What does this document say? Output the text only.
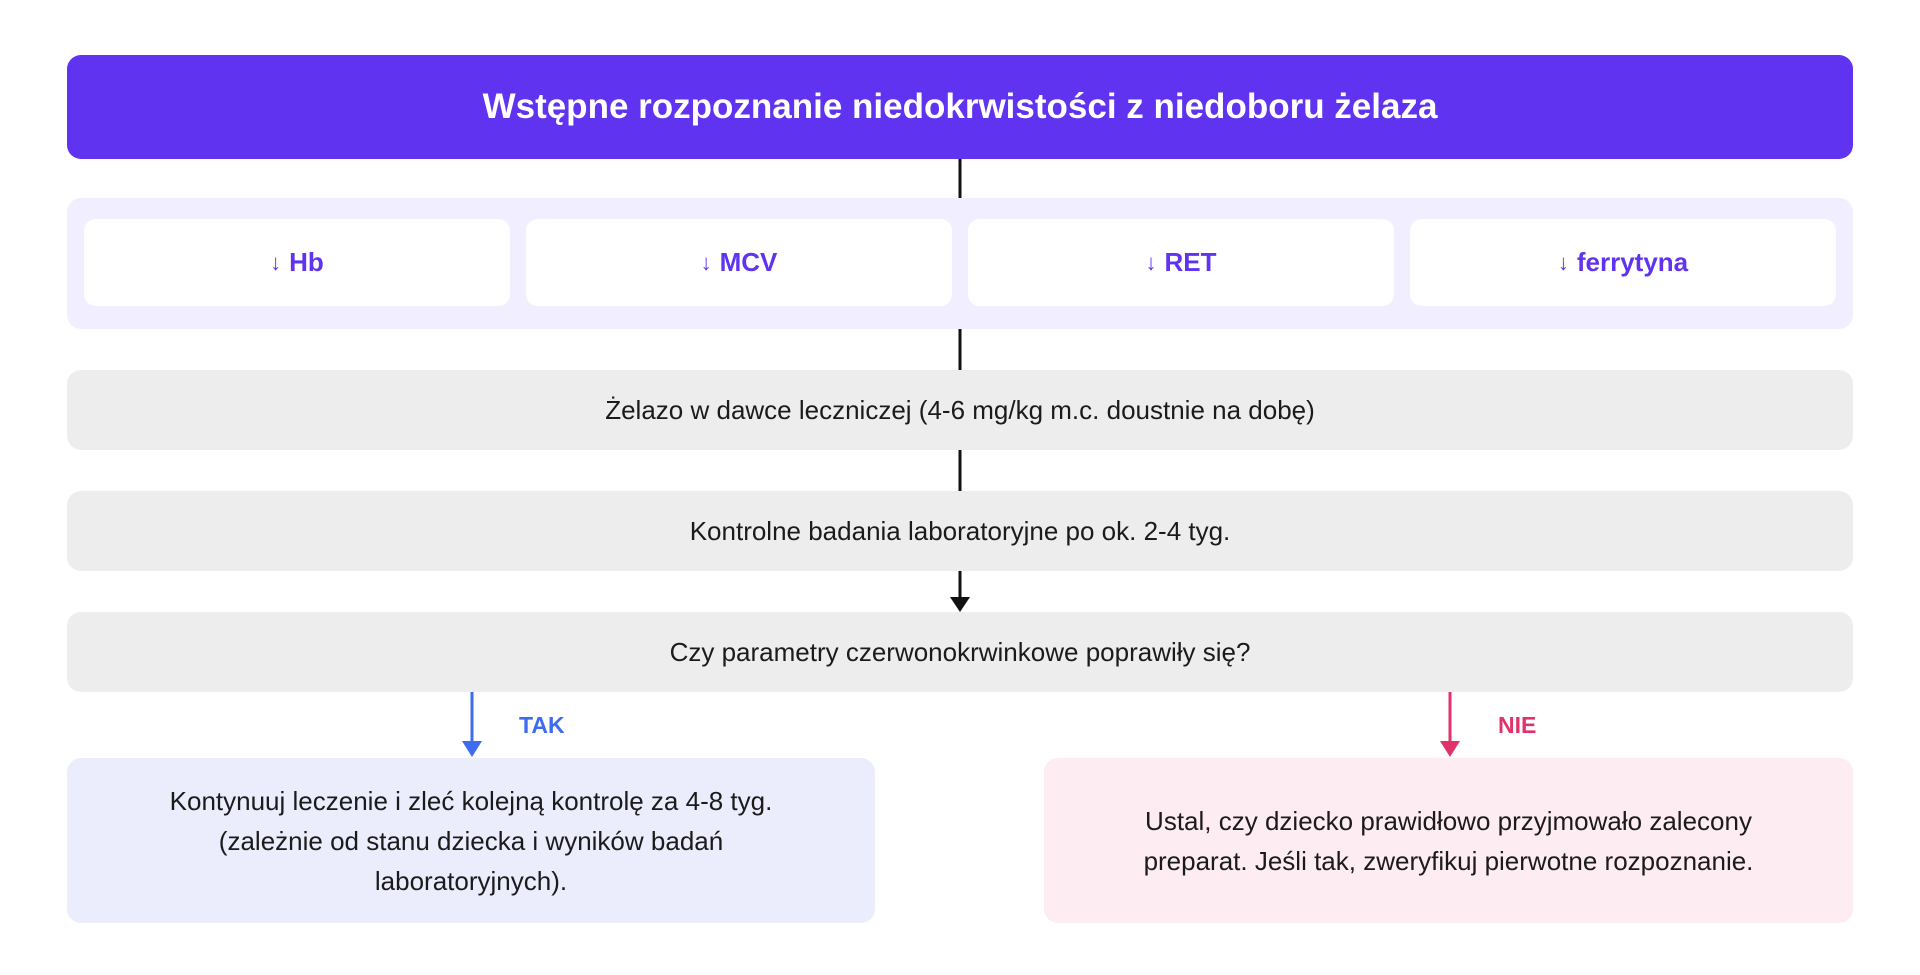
Wstępne rozpoznanie niedokrwistości z niedoboru żelaza
↓ Hb	↓ MCV	↓ RET	↓ ferrytyna
Żelazo w dawce leczniczej (4-6 mg/kg m.c. doustnie na dobę)
Kontrolne badania laboratoryjne po ok. 2-4 tyg.
Czy parametry czerwonokrwinkowe poprawiły się?
TAK	NIE
Kontynuuj leczenie i zleć kolejną kontrolę za 4-8 tyg. (zależnie od stanu dziecka i wyników badań laboratoryjnych).
Ustal, czy dziecko prawidłowo przyjmowało zalecony preparat. Jeśli tak, zweryfikuj pierwotne rozpoznanie.
